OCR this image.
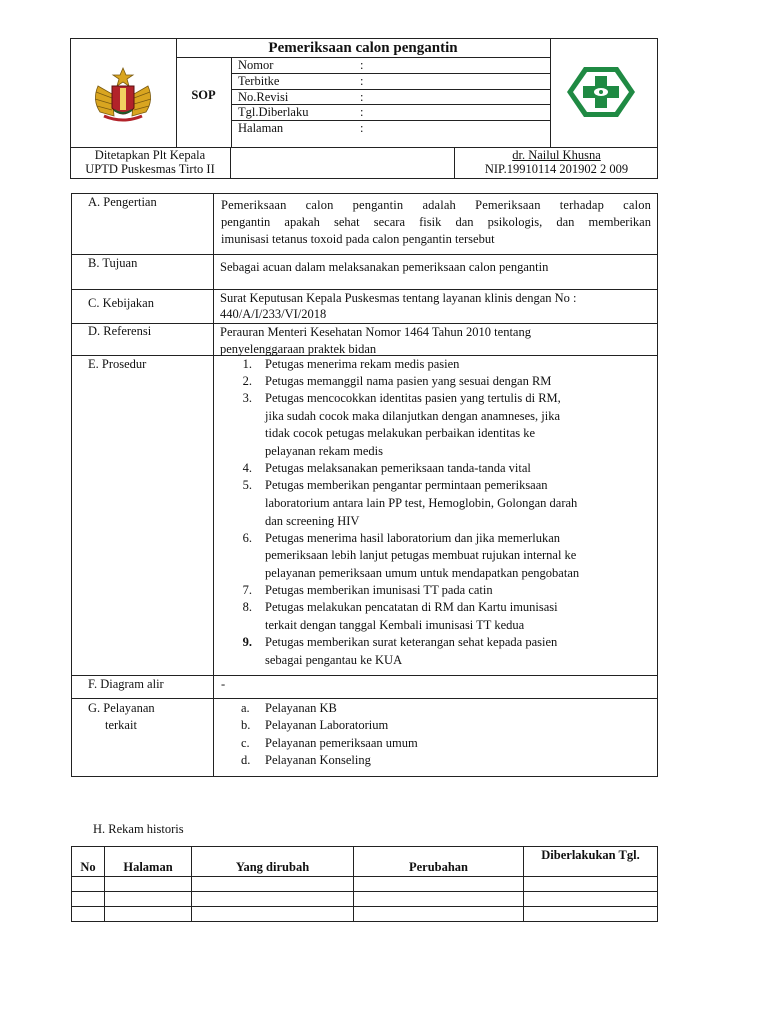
Pemeriksaan calon pengantin
SOP
Nomor	:
Terbitke	:
No.Revisi	:
Tgl.Diberlaku	:
Halaman	:
Ditetapkan Plt Kepala
UPTD Puskesmas Tirto II
dr. Nailul Khusna
NIP.19910114 201902 2 009
A. Pengertian	Pemeriksaan calon pengantin adalah Pemeriksaan terhadap calon
pengantin apakah sehat secara fisik dan psikologis, dan memberikan
imunisasi tetanus toxoid pada calon pengantin tersebut
B. Tujuan	Sebagai acuan dalam melaksanakan pemeriksaan calon pengantin
C. Kebijakan	Surat Keputusan Kepala Puskesmas tentang layanan klinis dengan No :
440/A/I/233/VI/2018
D. Referensi	Perauran Menteri Kesehatan Nomor 1464 Tahun 2010 tentang
penyelenggaraan praktek bidan
E. Prosedur	1. Petugas menerima rekam medis pasien
2. Petugas memanggil nama pasien yang sesuai dengan RM
3. Petugas mencocokkan identitas pasien yang tertulis di RM,
jika sudah cocok maka dilanjutkan dengan anamneses, jika
tidak cocok petugas melakukan perbaikan identitas ke
pelayanan rekam medis
4. Petugas melaksanakan pemeriksaan tanda-tanda vital
5. Petugas memberikan pengantar permintaan pemeriksaan
laboratorium antara lain PP test, Hemoglobin, Golongan darah
dan screening HIV
6. Petugas menerima hasil laboratorium dan jika memerlukan
pemeriksaan lebih lanjut petugas membuat rujukan internal ke
pelayanan pemeriksaan umum untuk mendapatkan pengobatan
7. Petugas memberikan imunisasi TT pada catin
8. Petugas melakukan pencatatan di RM dan Kartu imunisasi
terkait dengan tanggal Kembali imunisasi TT kedua
9. Petugas memberikan surat keterangan sehat kepada pasien
sebagai pengantau ke KUA
F. Diagram alir	-
G. Pelayanan
terkait
a. Pelayanan KB
b. Pelayanan Laboratorium
c. Pelayanan pemeriksaan umum
d. Pelayanan Konseling
H. Rekam historis
No	Halaman	Yang dirubah	Perubahan	Diberlakukan Tgl.
